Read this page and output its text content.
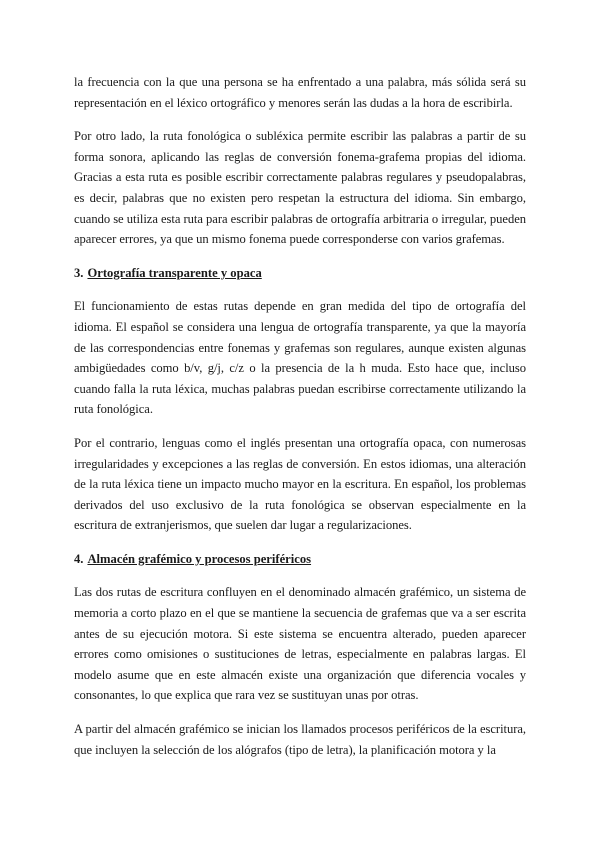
la frecuencia con la que una persona se ha enfrentado a una palabra, más sólida será su representación en el léxico ortográfico y menores serán las dudas a la hora de escribirla.

Por otro lado, la ruta fonológica o subléxica permite escribir las palabras a partir de su forma sonora, aplicando las reglas de conversión fonema-grafema propias del idioma. Gracias a esta ruta es posible escribir correctamente palabras regulares y pseudopalabras, es decir, palabras que no existen pero respetan la estructura del idioma. Sin embargo, cuando se utiliza esta ruta para escribir palabras de ortografía arbitraria o irregular, pueden aparecer errores, ya que un mismo fonema puede corresponderse con varios grafemas.

3. Ortografía transparente y opaca

El funcionamiento de estas rutas depende en gran medida del tipo de ortografía del idioma. El español se considera una lengua de ortografía transparente, ya que la mayoría de las correspondencias entre fonemas y grafemas son regulares, aunque existen algunas ambigüedades como b/v, g/j, c/z o la presencia de la h muda. Esto hace que, incluso cuando falla la ruta léxica, muchas palabras puedan escribirse correctamente utilizando la ruta fonológica.

Por el contrario, lenguas como el inglés presentan una ortografía opaca, con numerosas irregularidades y excepciones a las reglas de conversión. En estos idiomas, una alteración de la ruta léxica tiene un impacto mucho mayor en la escritura. En español, los problemas derivados del uso exclusivo de la ruta fonológica se observan especialmente en la escritura de extranjerismos, que suelen dar lugar a regularizaciones.

4. Almacén grafémico y procesos periféricos

Las dos rutas de escritura confluyen en el denominado almacén grafémico, un sistema de memoria a corto plazo en el que se mantiene la secuencia de grafemas que va a ser escrita antes de su ejecución motora. Si este sistema se encuentra alterado, pueden aparecer errores como omisiones o sustituciones de letras, especialmente en palabras largas. El modelo asume que en este almacén existe una organización que diferencia vocales y consonantes, lo que explica que rara vez se sustituyan unas por otras.

A partir del almacén grafémico se inician los llamados procesos periféricos de la escritura, que incluyen la selección de los alógrafos (tipo de letra), la planificación motora y la
